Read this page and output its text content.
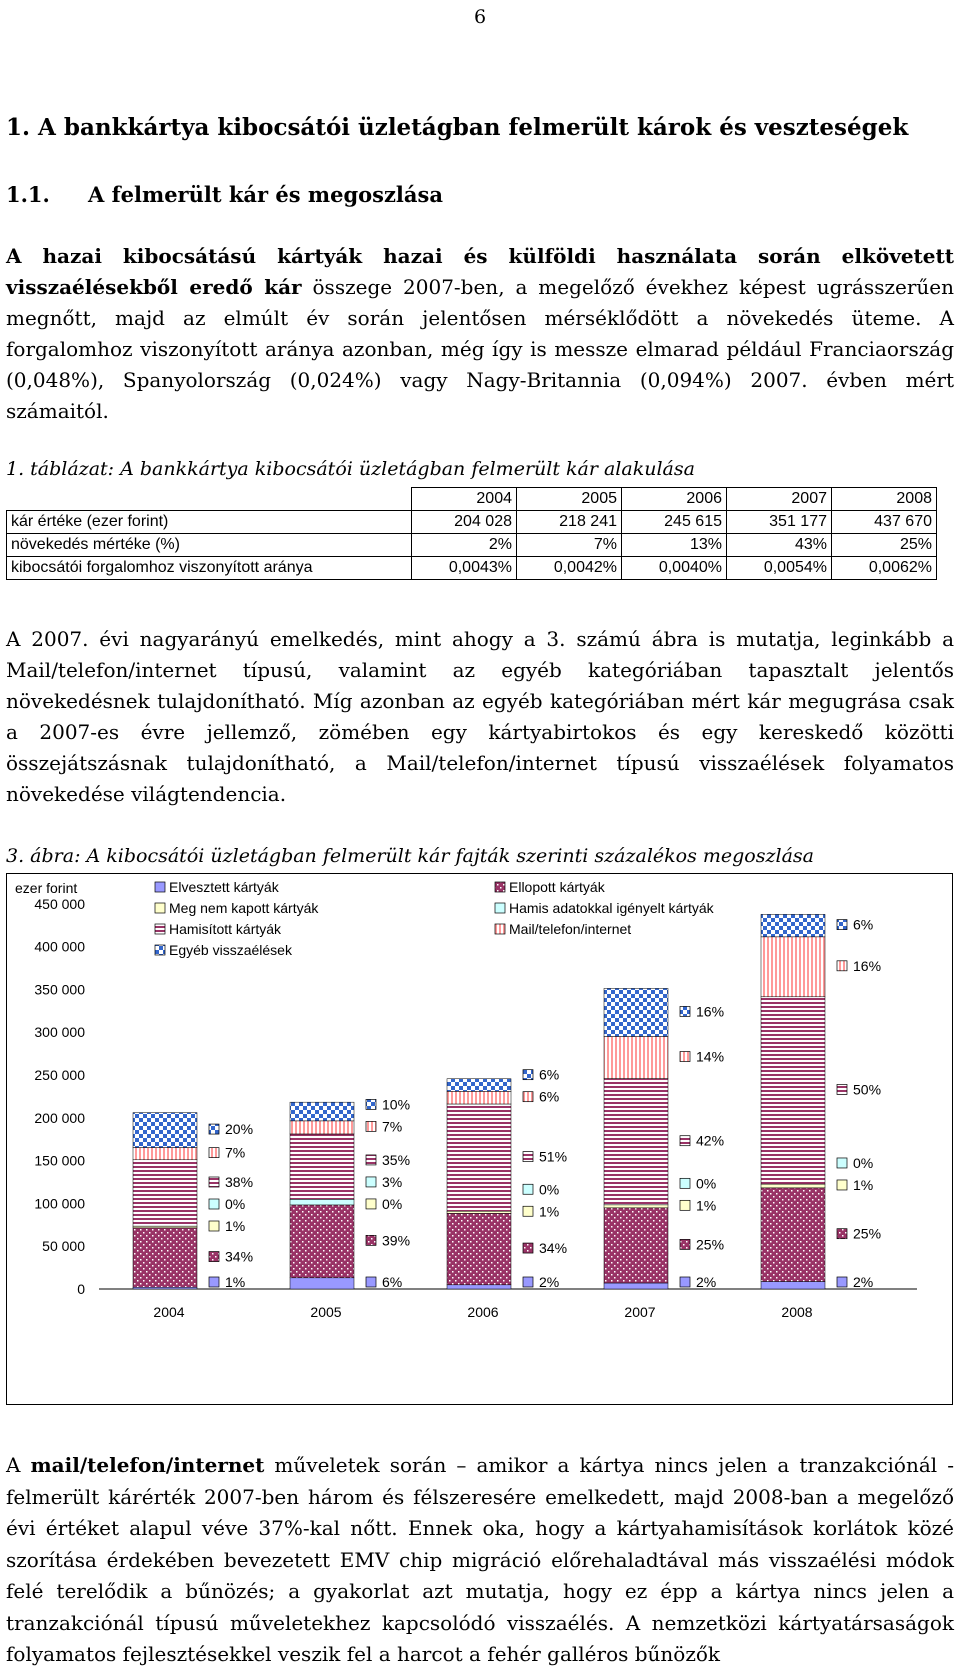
6
1. A bankkártya kibocsátói üzletágban felmerült károk és veszteségek
1.1. A felmerült kár és megoszlása
A hazai kibocsátású kártyák hazai és külföldi használata során elkövetett visszaélésekből eredő kár összege 2007-ben, a megelőző évekhez képest ugrásszerűen megnőtt, majd az elmúlt év során jelentősen mérséklődött a növekedés üteme. A forgalomhoz viszonyított aránya azonban, még így is messze elmarad például Franciaország (0,048%), Spanyolország (0,024%) vagy Nagy-Britannia (0,094%) 2007. évben mért számaitól.
1. táblázat: A bankkártya kibocsátói üzletágban felmerült kár alakulása
	2004	2005	2006	2007	2008
kár értéke (ezer forint)	204 028	218 241	245 615	351 177	437 670
növekedés mértéke (%)	2%	7%	13%	43%	25%
kibocsátói forgalomhoz viszonyított aránya	0,0043%	0,0042%	0,0040%	0,0054%	0,0062%
A 2007. évi nagyarányú emelkedés, mint ahogy a 3. számú ábra is mutatja, leginkább a Mail/telefon/internet típusú, valamint az egyéb kategóriában tapasztalt jelentős növekedésnek tulajdonítható. Míg azonban az egyéb kategóriában mért kár megugrása csak a 2007-es évre jellemző, zömében egy kártyabirtokos és egy kereskedő közötti összejátszásnak tulajdonítható, a Mail/telefon/internet típusú visszaélések folyamatos növekedése világtendencia.
3. ábra: A kibocsátói üzletágban felmerült kár fajták szerinti százalékos megoszlása
0
50 000
100 000
150 000
200 000
250 000
300 000
350 000
400 000
450 000
2004
1%
34%
1%
0%
38%
7%
20%
2005
6%
39%
0%
3%
35%
7%
10%
2006
2%
34%
1%
0%
51%
6%
6%
2007
2%
25%
1%
0%
42%
14%
16%
2008
2%
25%
1%
0%
50%
16%
6%
Elvesztett kártyák	Ellopott kártyák
Meg nem kapott kártyák	Hamis adatokkal igényelt kártyák
Hamisított kártyák	Mail/telefon/internet
Egyéb visszaélések
ezer forint
A mail/telefon/internet műveletek során – amikor a kártya nincs jelen a tranzakciónál - felmerült kárérték 2007-ben három és félszeresére emelkedett, majd 2008-ban a megelőző évi értéket alapul véve 37%-kal nőtt. Ennek oka, hogy a kártyahamisítások korlátok közé szorítása érdekében bevezetett EMV chip migráció előrehaladtával más visszaélési módok felé terelődik a bűnözés; a gyakorlat azt mutatja, hogy ez épp a kártya nincs jelen a tranzakciónál típusú műveletekhez kapcsolódó visszaélés. A nemzetközi kártyatársaságok folyamatos fejlesztésekkel veszik fel a harcot a fehér galléros bűnözők
